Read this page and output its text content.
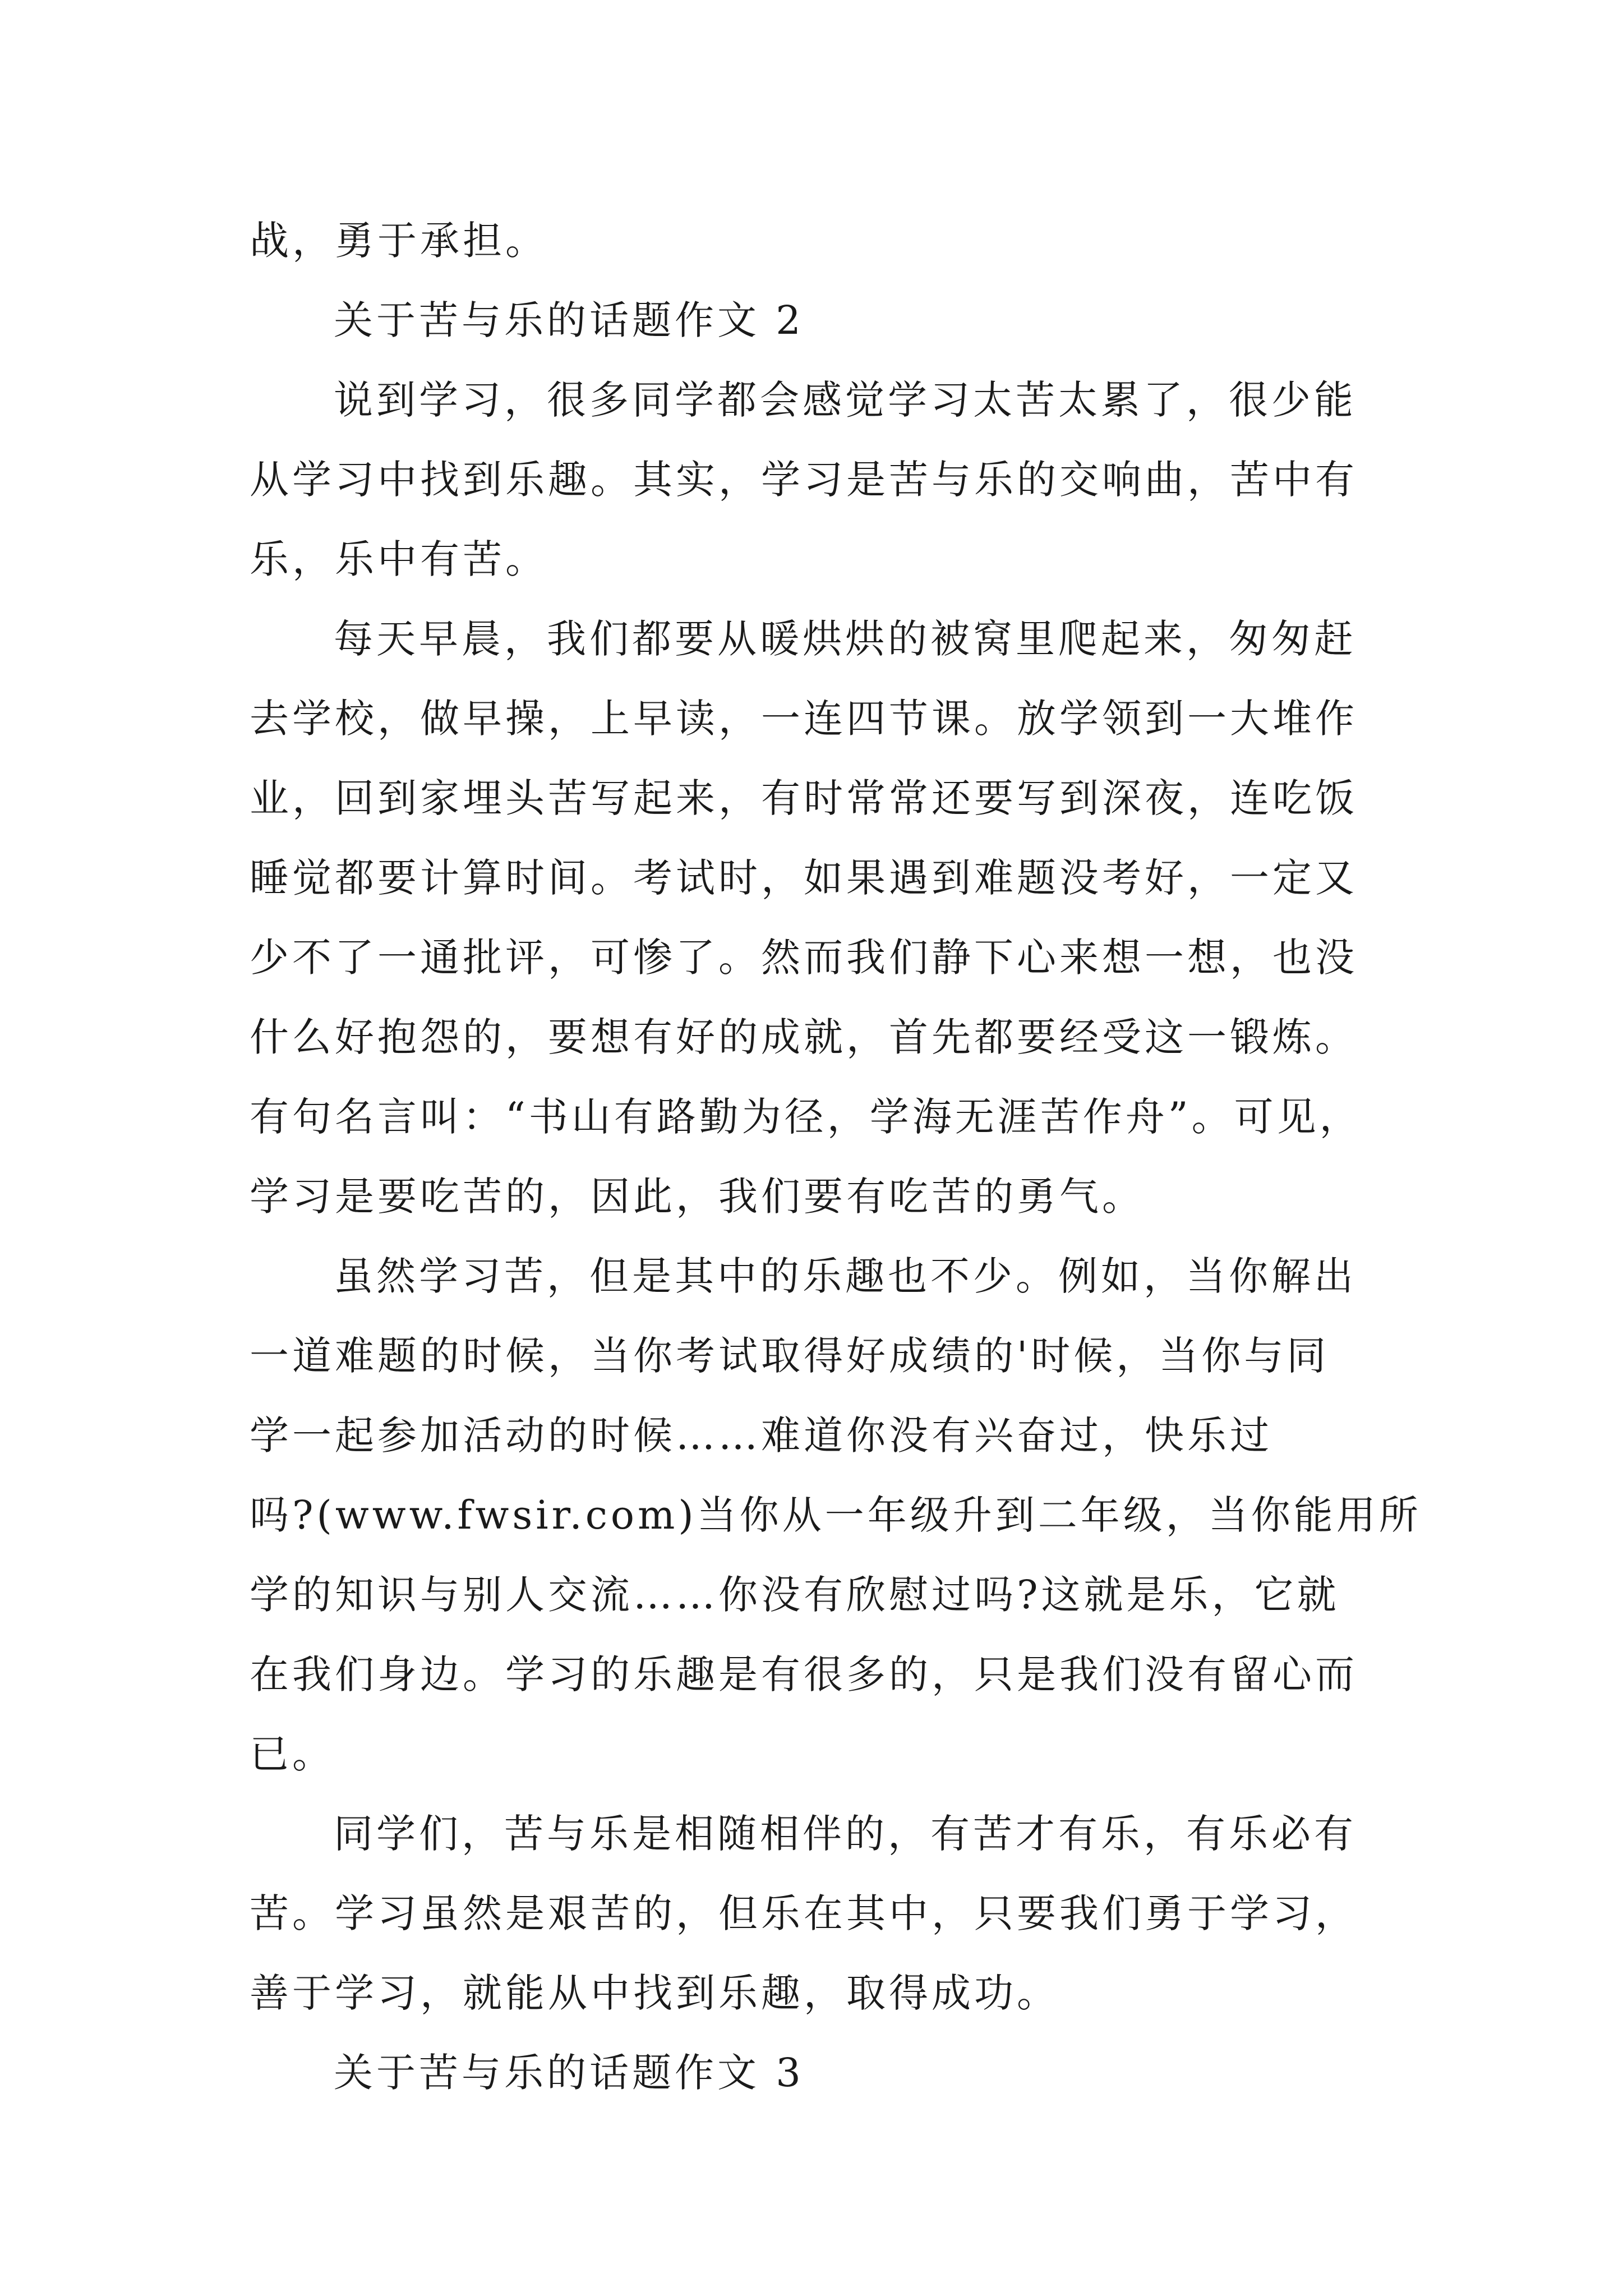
战，勇于承担。
关于苦与乐的话题作文 2
说到学习，很多同学都会感觉学习太苦太累了，很少能
从学习中找到乐趣。其实，学习是苦与乐的交响曲，苦中有
乐，乐中有苦。
每天早晨，我们都要从暖烘烘的被窝里爬起来，匆匆赶
去学校，做早操，上早读，一连四节课。放学领到一大堆作
业，回到家埋头苦写起来，有时常常还要写到深夜，连吃饭
睡觉都要计算时间。考试时，如果遇到难题没考好，一定又
少不了一通批评，可惨了。然而我们静下心来想一想，也没
什么好抱怨的，要想有好的成就，首先都要经受这一锻炼。
有句名言叫：“书山有路勤为径，学海无涯苦作舟”。可见，
学习是要吃苦的，因此，我们要有吃苦的勇气。
虽然学习苦，但是其中的乐趣也不少。例如，当你解出
一道难题的时候，当你考试取得好成绩的'时候，当你与同
学一起参加活动的时候……难道你没有兴奋过，快乐过
吗?(www.fwsir.com)当你从一年级升到二年级，当你能用所
学的知识与别人交流……你没有欣慰过吗?这就是乐，它就
在我们身边。学习的乐趣是有很多的，只是我们没有留心而
已。
同学们，苦与乐是相随相伴的，有苦才有乐，有乐必有
苦。学习虽然是艰苦的，但乐在其中，只要我们勇于学习，
善于学习，就能从中找到乐趣，取得成功。
关于苦与乐的话题作文 3
